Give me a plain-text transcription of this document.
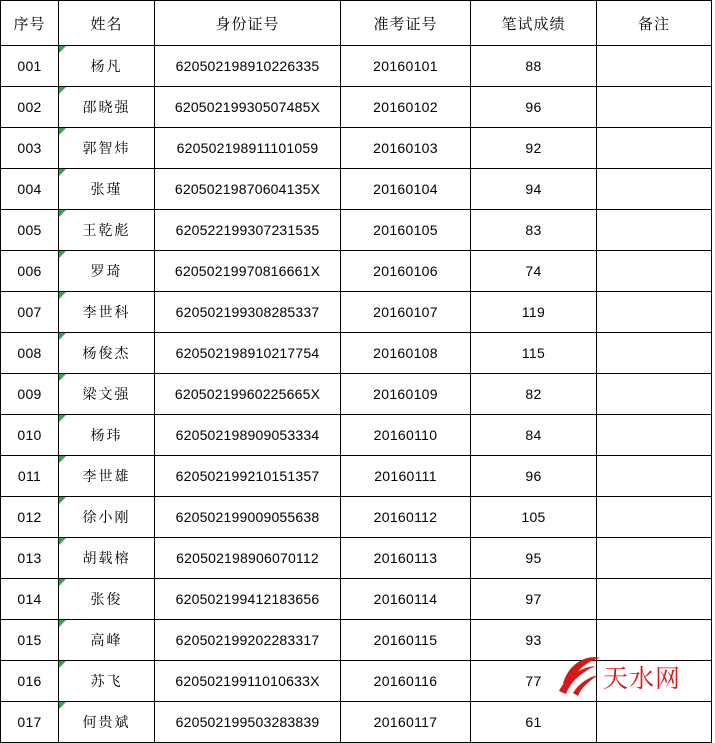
序号	姓名	身份证号	准考证号	笔试成绩	备注
001	杨凡	620502198910226335	20160101	88	
002	邵晓强	62050219930507485X	20160102	96	
003	郭智炜	620502198911101059	20160103	92	
004	张瑾	62050219870604135X	20160104	94	
005	王乾彪	620522199307231535	20160105	83	
006	罗琦	62050219970816661X	20160106	74	
007	李世科	620502199308285337	20160107	119	
008	杨俊杰	620502198910217754	20160108	115	
009	梁文强	62050219960225665X	20160109	82	
010	杨玮	620502198909053334	20160110	84	
011	李世雄	620502199210151357	20160111	96	
012	徐小刚	620502199009055638	20160112	105	
013	胡载榕	620502198906070112	20160113	95	
014	张俊	620502199412183656	20160114	97	
015	高峰	620502199202283317	20160115	93	
016	苏飞	62050219911010633X	20160116	77	
017	何贵斌	620502199503283839	20160117	61	
天水网
